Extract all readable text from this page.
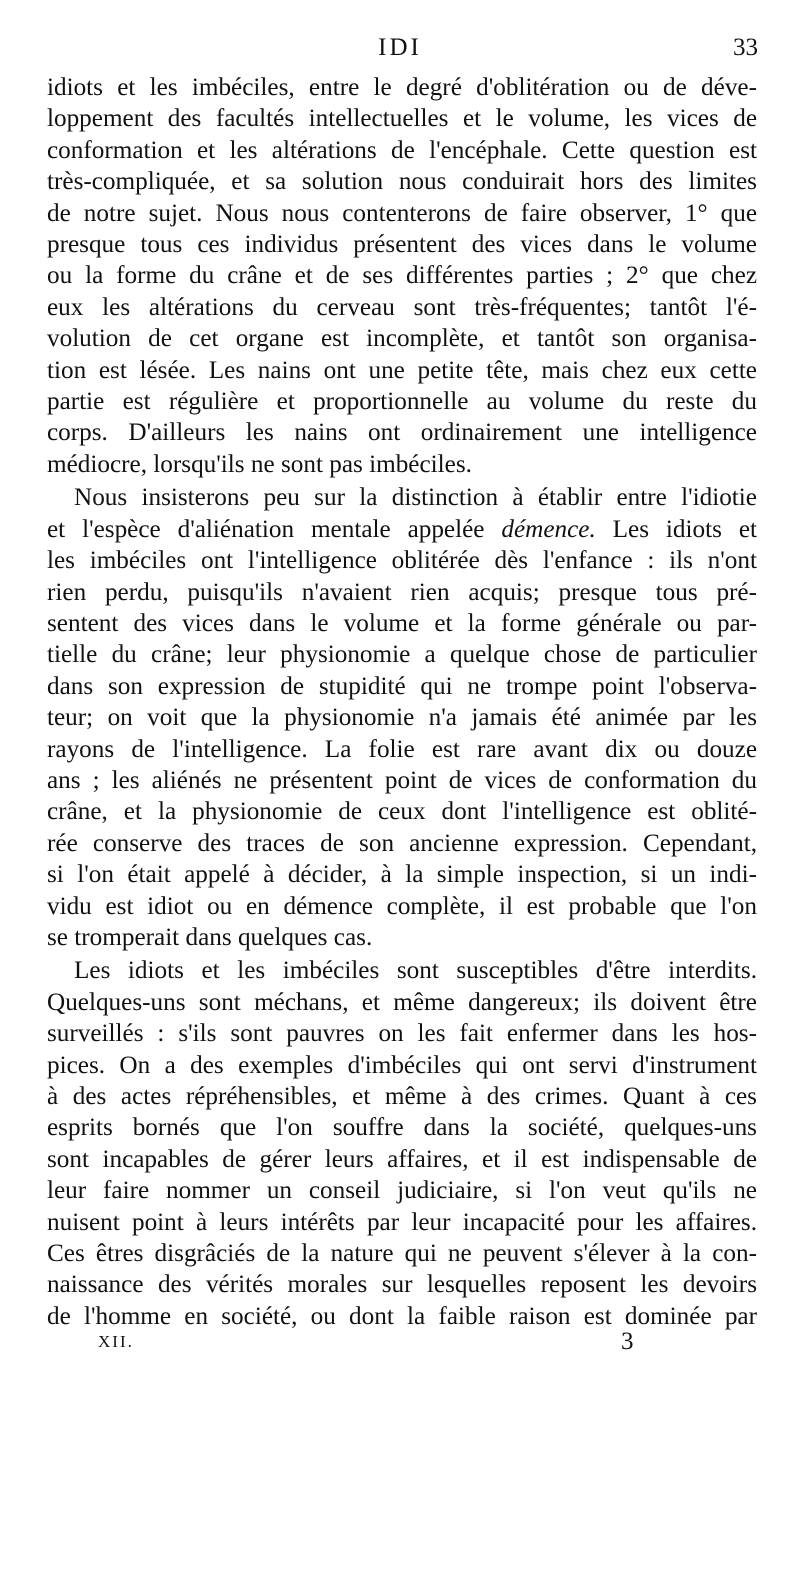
IDI	33
idiots et les imbéciles, entre le degré d'oblitération ou de déve-
loppement des facultés intellectuelles et le volume, les vices de
conformation et les altérations de l'encéphale. Cette question est
très-compliquée, et sa solution nous conduirait hors des limites
de notre sujet. Nous nous contenterons de faire observer, 1° que
presque tous ces individus présentent des vices dans le volume
ou la forme du crâne et de ses différentes parties ; 2° que chez
eux les altérations du cerveau sont très-fréquentes; tantôt l'é-
volution de cet organe est incomplète, et tantôt son organisa-
tion est lésée. Les nains ont une petite tête, mais chez eux cette
partie est régulière et proportionnelle au volume du reste du
corps. D'ailleurs les nains ont ordinairement une intelligence
médiocre, lorsqu'ils ne sont pas imbéciles.
Nous insisterons peu sur la distinction à établir entre l'idiotie
et l'espèce d'aliénation mentale appelée démence. Les idiots et
les imbéciles ont l'intelligence oblitérée dès l'enfance : ils n'ont
rien perdu, puisqu'ils n'avaient rien acquis; presque tous pré-
sentent des vices dans le volume et la forme générale ou par-
tielle du crâne; leur physionomie a quelque chose de particulier
dans son expression de stupidité qui ne trompe point l'observa-
teur; on voit que la physionomie n'a jamais été animée par les
rayons de l'intelligence. La folie est rare avant dix ou douze
ans ; les aliénés ne présentent point de vices de conformation du
crâne, et la physionomie de ceux dont l'intelligence est oblité-
rée conserve des traces de son ancienne expression. Cependant,
si l'on était appelé à décider, à la simple inspection, si un indi-
vidu est idiot ou en démence complète, il est probable que l'on
se tromperait dans quelques cas.
Les idiots et les imbéciles sont susceptibles d'être interdits.
Quelques-uns sont méchans, et même dangereux; ils doivent être
surveillés : s'ils sont pauvres on les fait enfermer dans les hos-
pices. On a des exemples d'imbéciles qui ont servi d'instrument
à des actes répréhensibles, et même à des crimes. Quant à ces
esprits bornés que l'on souffre dans la société, quelques-uns
sont incapables de gérer leurs affaires, et il est indispensable de
leur faire nommer un conseil judiciaire, si l'on veut qu'ils ne
nuisent point à leurs intérêts par leur incapacité pour les affaires.
Ces êtres disgrâciés de la nature qui ne peuvent s'élever à la con-
naissance des vérités morales sur lesquelles reposent les devoirs
de l'homme en société, ou dont la faible raison est dominée par
XII.	3
